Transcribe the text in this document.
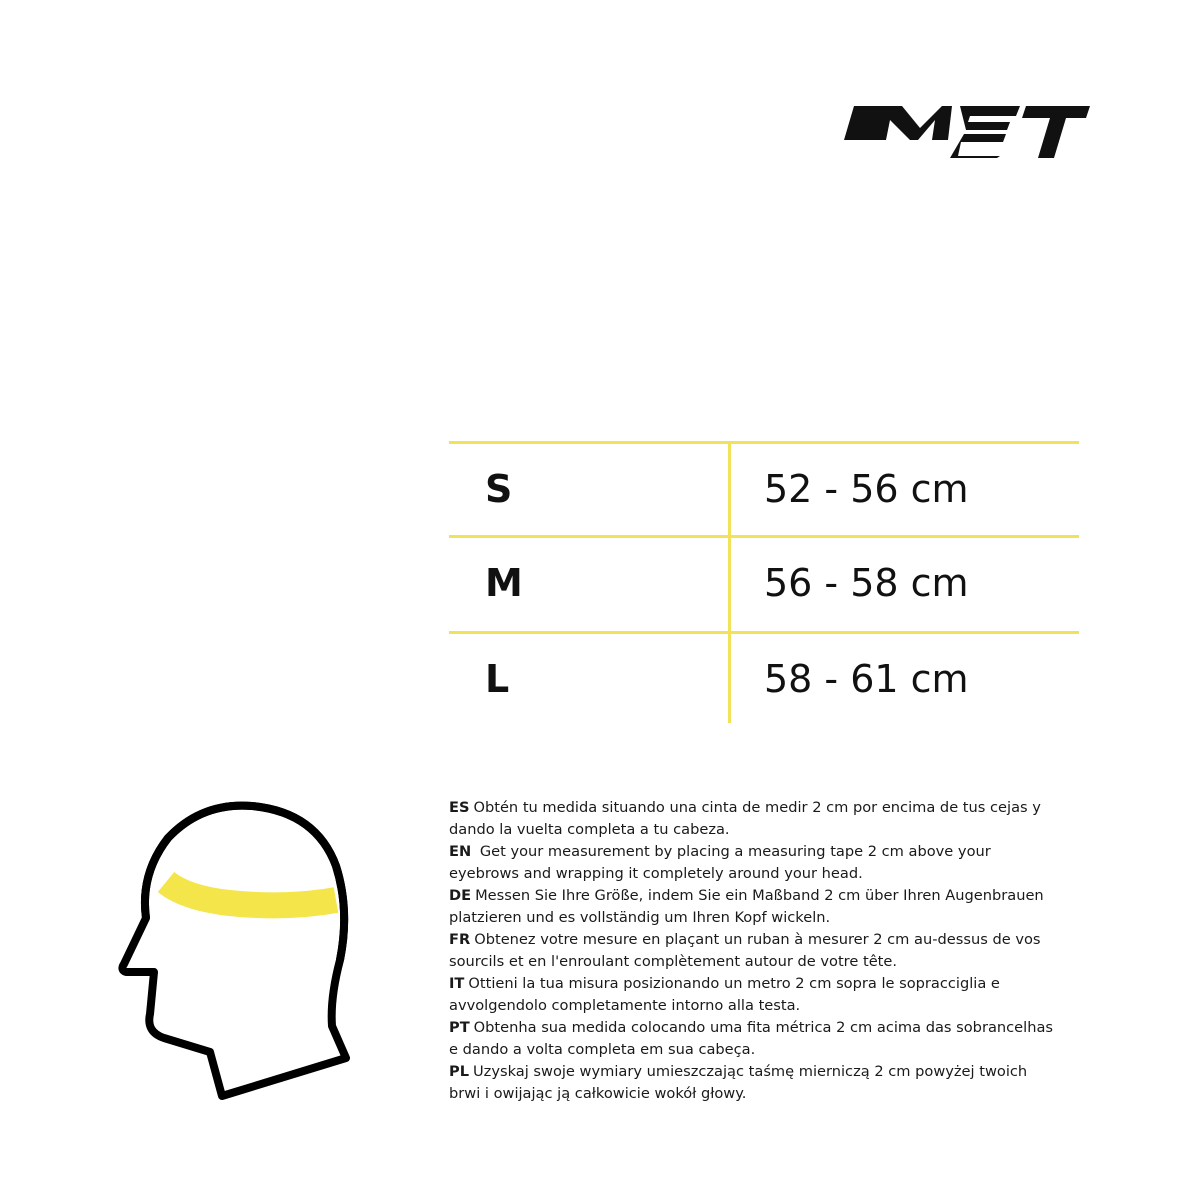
S	52 - 56 cm
M	56 - 58 cm
L	58 - 61 cm
ES Obtén tu medida situando una cinta de medir 2 cm por encima de tus cejas y
dando la vuelta completa a tu cabeza.
EN Get your measurement by placing a measuring tape 2 cm above your
eyebrows and wrapping it completely around your head.
DE Messen Sie Ihre Größe, indem Sie ein Maßband 2 cm über Ihren Augenbrauen
platzieren und es vollständig um Ihren Kopf wickeln.
FR Obtenez votre mesure en plaçant un ruban à mesurer 2 cm au-dessus de vos
sourcils et en l'enroulant complètement autour de votre tête.
IT Ottieni la tua misura posizionando un metro 2 cm sopra le sopracciglia e
avvolgendolo completamente intorno alla testa.
PT Obtenha sua medida colocando uma fita métrica 2 cm acima das sobrancelhas
e dando a volta completa em sua cabeça.
PL Uzyskaj swoje wymiary umieszczając taśmę mierniczą 2 cm powyżej twoich
brwi i owijając ją całkowicie wokół głowy.
